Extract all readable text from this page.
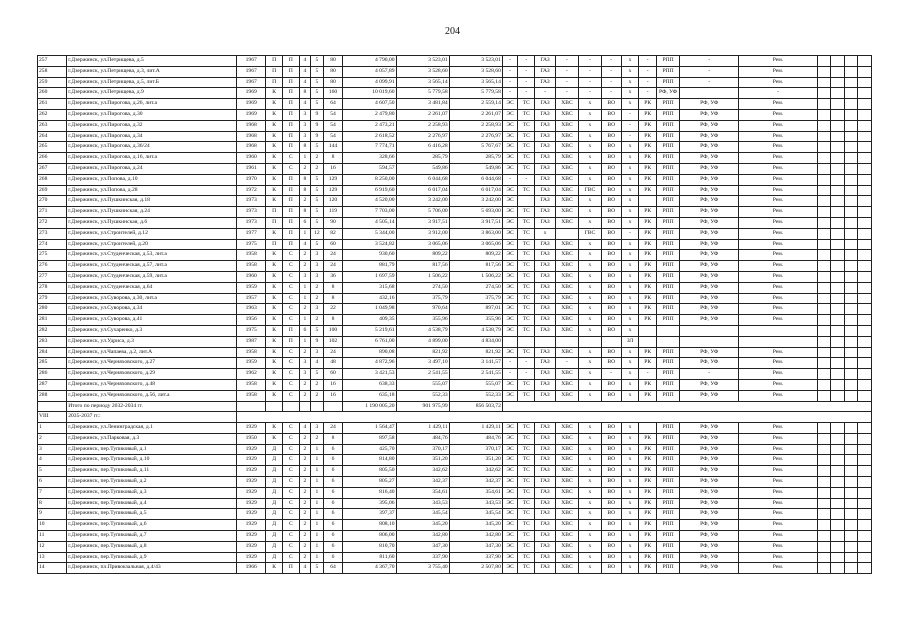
204
257	г.Дзержинск, ул.Петрищева, д.5	1967	П	П	4	5	80	4 790,00	3 523,01	3 523,01	-	-	ГАЗ	-	-	-	х	-	РПП	-	Рем.				
258	г.Дзержинск, ул.Петрищева, д.3, лит.А	1967	П	П	4	5	80	4 057,89	3 528,60	3 528,60	-	-	ГАЗ	-	-	-	х	-	РПП	-	Рем.				
259	г.Дзержинск, ул.Петрищева, д.5, лит.Б	1967	П	П	4	5	80	4 099,91	3 565,14	3 565,14	-	-	ГАЗ	-	-	-	х	-	РПП	-	Рем.				
260	г.Дзержинск, ул.Петрищева, д.9	1969	К	П	8	5	160	10 019,60	5 779,58	5 779,58	-	-	-	-	-	-	х	-	РФ, УФ		-				
261	г.Дзержинск, ул.Пирогова, д.26, лит.а	1969	К	П	4	5	64	4 607,50	3 481,84	2 559,14	ЭС	ТС	ГАЗ	ХВС	х	ВО	х	РК	РПП	РФ, УФ	Рем.				
262	г.Дзержинск, ул.Пирогова, д.30	1969	К	П	3	9	54	2 479,80	2 261,07	2 261,07	ЭС	ТС	ГАЗ	ХВС	х	ВО	-	РК	РПП	РФ, УФ	Рем.				
263	г.Дзержинск, ул.Пирогова, д.32	1968	К	П	3	9	54	2 473,21	2 258,93	2 258,93	ЭС	ТС	ГАЗ	ХВС	х	ВО	-	РК	РПП	РФ, УФ	Рем.				
264	г.Дзержинск, ул.Пирогова, д.34	1968	К	П	3	9	54	2 618,52	2 276,97	2 276,97	ЭС	ТС	ГАЗ	ХВС	х	ВО	-	РК	РПП	РФ, УФ	Рем.				
265	г.Дзержинск, ул.Пирогова, д.36/24	1968	К	П	8	5	144	7 774,71	6 416,28	5 767,67	ЭС	ТС	ГАЗ	ХВС	х	ВО	х	РК	РПП	РФ, УФ	Рем.				
266	г.Дзержинск, ул.Пирогова, д.16, лит.а	1960	К	С	1	2	8	328,66	285,79	285,79	ЭС	ТС	ГАЗ	ХВС	х	ВО	х	РК	РПП	РФ, УФ	Рем.				
267	г.Дзержинск, ул.Пирогова, д.24	1961	К	С	2	2	16	594,57	549,86	549,86	ЭС	ТС	ГАЗ	ХВС	х	ВО	х	РК	РПП	РФ, УФ	Рем.				
268	г.Дзержинск, ул.Попова, д.10	1970	К	П	8	5	129	8 250,00	6 044,68	6 044,68	-	-	ГАЗ	ХВС	х	ВО	х	РК	РПП	РФ, УФ	Рем.				
269	г.Дзержинск, ул.Попова, д.28	1972	К	П	8	5	129	6 919,60	6 017,04	6 017,04	ЭС	ТС	ГАЗ	ХВС	ГВС	ВО	х	РК	РПП	РФ, УФ	Рем.				
270	г.Дзержинск, ул.Пушкинская, д.18	1973	К	П	2	5	120	4 520,00	3 242,00	3 242,00	ЭС		ГАЗ	ХВС	х	ВО	х		РПП	РФ, УФ	Рем.				
271	г.Дзержинск, ул.Пушкинская, д.24	1973	П	П	8	5	119	7 703,00	5 706,00	5 693,00	ЭС	ТС	ГАЗ	ХВС	х	ВО	х	РК	РПП	РФ, УФ	Рем.				
272	г.Дзержинск, ул.Пушкинская, д.6	1973	П	П	6	5	90	4 505,14	3 917,51	3 917,51	ЭС	ТС	ГАЗ	ХВС	х	ВО	х	РК	РПП	РФ, УФ	Рем.				
273	г.Дзержинск, ул.Строителей, д.12	1977	К	П	1	12	82	5 344,00	3 912,00	3 863,00	ЭС	ТС	х		ГВС	ВО	-	РК	РПП	РФ, УФ	Рем.				
274	г.Дзержинск, ул.Строителей, д.20	1975	П	П	4	5	60	3 524,82	3 065,06	3 065,06	ЭС	ТС	ГАЗ	ХВС	х	ВО	х	РК	РПП	РФ, УФ	Рем.				
275	г.Дзержинск, ул.Студенческая, д.53, лит.а	1958	К	С	2	3	24	930,60	809,22	809,22	ЭС	ТС	ГАЗ	ХВС	х	ВО	х	РК	РПП	РФ, УФ	Рем.				
276	г.Дзержинск, ул.Студенческая, д.57, лит.а	1958	К	С	2	3	24	881,79	817,56	817,56	ЭС	ТС	ГАЗ	ХВС	х	ВО	х	РК	РПП	РФ, УФ	Рем.				
277	г.Дзержинск, ул.Студенческая, д.59, лит.а	1960	К	С	3	3	36	1 697,59	1 506,22	1 506,22	ЭС	ТС	ГАЗ	ХВС	х	ВО	х	РК	РПП	РФ, УФ	Рем.				
278	г.Дзержинск, ул.Студенческая, д.64	1959	К	С	1	2	8	315,68	274,50	274,50	ЭС	ТС	ГАЗ	ХВС	х	ВО	х	РК	РПП	РФ, УФ	Рем.				
279	г.Дзержинск, ул.Суворова, д.30, лит.а	1957	К	С	1	2	8	432,16	375,79	375,79	ЭС	ТС	ГАЗ	ХВС	х	ВО	х	РК	РПП	РФ, УФ	Рем.				
280	г.Дзержинск, ул.Суворова, д.34	1963	К	С	2	3	22	1 049,98	970,64	897,01	ЭС	ТС	ГАЗ	ХВС	х	ВО	х	РК	РПП	РФ, УФ	Рем.				
281	г.Дзержинск, ул.Суворова, д.41	1956	К	С	1	2	8	409,35	355,96	355,96	ЭС	ТС	ГАЗ	ХВС	х	ВО	х	РК	РПП	РФ, УФ	Рем.				
282	г.Дзержинск, ул.Сухаренко, д.3	1975	К	П	6	5	100	5 219,61	4 538,79	4 538,79	ЭС	ТС	ГАЗ	ХВС	х	ВО	х								
283	г.Дзержинск, ул.Удриса, д.3	1987	К	П	1	9	102	6 761,00	4 899,00	4 834,00							ЗЛ								
284	г.Дзержинск, ул.Чапаева, д.2, лит.А	1958	К	С	2	3	24	890,08	821,92	821,92	ЭС	ТС	ГАЗ	ХВС	х	ВО	х	РК	РПП	РФ, УФ	Рем.				
285	г.Дзержинск, ул.Черняховского, д.27	1959	К	С	3	4	48	4 872,96	3 497,10	3 141,57	-	-	ГАЗ	-	х	ВО	х	РК	РПП	РФ, УФ	Рем.				
286	г.Дзержинск, ул.Черняховского, д.29	1962	К	С	3	5	60	3 421,53	2 541,55	2 541,55	-	-	ГАЗ	ХВС	х	-	х	-	РПП	-	Рем.				
287	г.Дзержинск, ул.Черняховского, д.48	1958	К	С	2	2	16	638,33	555,07	555,07	ЭС	ТС	ГАЗ	ХВС	х	ВО	х	РК	РПП	РФ, УФ	Рем.				
288	г.Дзержинск, ул.Черняховского, д.56, лит.а	1958	К	С	2	2	16	635,18	552,33	552,33	ЭС	ТС	ГАЗ	ХВС	х	ВО	х	РК	РПП	РФ, УФ	Рем.				
	Итого по периоду 2032-2034 гг.							1 190 005,20	901 975,99	856 503,72															
VIII	2035-2037 гг.:																								
1	г.Дзержинск, ул.Ленинградская, д.1	1929	К	С	4	3	24	1 564,47	1 429,11	1 429,11	ЭС	ТС	ГАЗ	ХВС	х	ВО	х		РПП	РФ, УФ	Рем.				
2	г.Дзержинск, ул.Парковая, д.3	1950	К	С	2	2	8	897,58	484,76	484,76	ЭС	ТС	ГАЗ	ХВС	х	ВО	х	РК	РПП	РФ, УФ	Рем.				
3	г.Дзержинск, пер.Тупиковый, д.1	1929	Д	С	2	1	6	425,70	370,17	370,17	ЭС	ТС	ГАЗ	ХВС	х	ВО	х	РК	РПП	РФ, УФ	Рем.				
4	г.Дзержинск, пер.Тупиковый, д.10	1929	Д	С	2	1	6	814,80	351,20	351,20	ЭС	ТС	ГАЗ	ХВС	х	ВО	х	РК	РПП	РФ, УФ	Рем.				
5	г.Дзержинск, пер.Тупиковый, д.11	1929	Д	С	2	1	6	805,50	342,62	342,62	ЭС	ТС	ГАЗ	ХВС	х	ВО	х	РК	РПП	РФ, УФ	Рем.				
6	г.Дзержинск, пер.Тупиковый, д.2	1929	Д	С	2	1	6	805,27	342,37	342,37	ЭС	ТС	ГАЗ	ХВС	х	ВО	х	РК	РПП	РФ, УФ	Рем.				
7	г.Дзержинск, пер.Тупиковый, д.3	1929	Д	С	2	1	6	816,40	354,61	354,61	ЭС	ТС	ГАЗ	ХВС	х	ВО	х	РК	РПП	РФ, УФ	Рем.				
8	г.Дзержинск, пер.Тупиковый, д.4	1929	Д	С	2	1	6	395,06	343,53	343,53	ЭС	ТС	ГАЗ	ХВС	х	ВО	х	РК	РПП	РФ, УФ	Рем.				
9	г.Дзержинск, пер.Тупиковый, д.5	1929	Д	С	2	1	6	397,37	345,54	345,54	ЭС	ТС	ГАЗ	ХВС	х	ВО	х	РК	РПП	РФ, УФ	Рем.				
10	г.Дзержинск, пер.Тупиковый, д.6	1929	Д	С	2	1	6	808,10	345,20	345,20	ЭС	ТС	ГАЗ	ХВС	х	ВО	х	РК	РПП	РФ, УФ	Рем.				
11	г.Дзержинск, пер.Тупиковый, д.7	1929	Д	С	2	1	6	806,00	342,80	342,80	ЭС	ТС	ГАЗ	ХВС	х	ВО	х	РК	РПП	РФ, УФ	Рем.				
12	г.Дзержинск, пер.Тупиковый, д.8	1929	Д	С	2	1	6	810,70	347,30	347,30	ЭС	ТС	ГАЗ	ХВС	х	ВО	х	РК	РПП	РФ, УФ	Рем.				
13	г.Дзержинск, пер.Тупиковый, д.9	1929	Д	С	2	1	6	811,60	337,90	337,90	ЭС	ТС	ГАЗ	ХВС	х	ВО	х	РК	РПП	РФ, УФ	Рем.				
14	г.Дзержинск, пл.Привокзальная, д.4/43	1966	К	П	4	5	64	4 367,70	3 755,40	2 507,80	ЭС	ТС	ГАЗ	ХВС	х	ВО	х	РК	РПП	РФ, УФ	Рем.				
